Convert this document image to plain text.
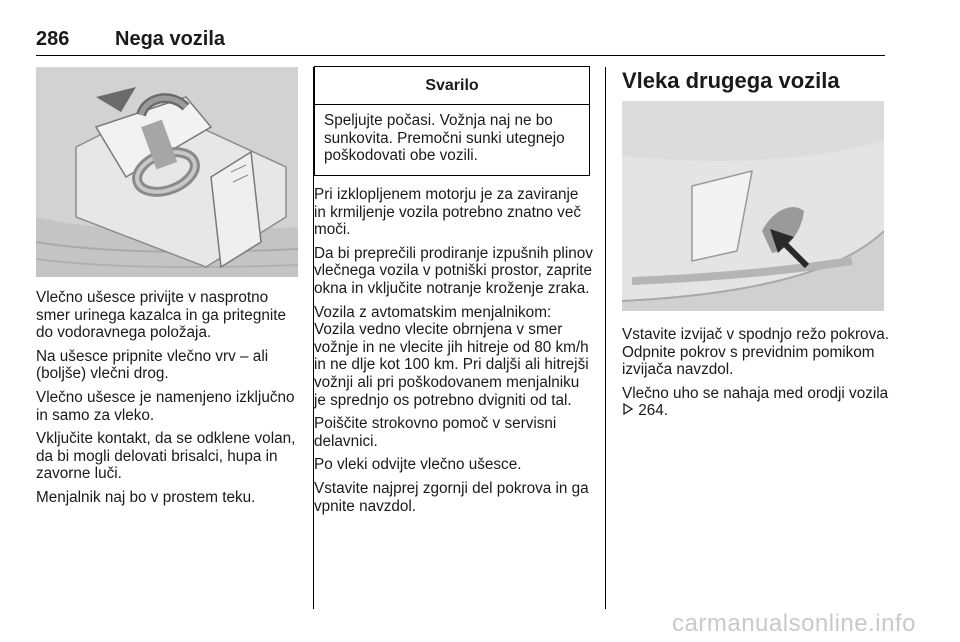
286 Nega vozila

Vlečno ušesce privijte v nasprotno smer urinega kazalca in ga pritegnite do vodoravnega položaja.

Na ušesce pripnite vlečno vrv – ali (boljše) vlečni drog.

Vlečno ušesce je namenjeno izključno in samo za vleko.

Vključite kontakt, da se odklene volan, da bi mogli delovati brisalci, hupa in zavorne luči.

Menjalnik naj bo v prostem teku.

Svarilo
Speljujte počasi. Vožnja naj ne bo sunkovita. Premočni sunki utegnejo poškodovati obe vozili.

Pri izklopljenem motorju je za zaviranje in krmiljenje vozila potrebno znatno več moči.

Da bi preprečili prodiranje izpušnih plinov vlečnega vozila v potniški prostor, zaprite okna in vključite notranje kroženje zraka.

Vozila z avtomatskim menjalnikom: Vozila vedno vlecite obrnjena v smer vožnje in ne vlecite jih hitreje od 80 km/h in ne dlje kot 100 km. Pri daljši ali hitrejši vožnji ali pri poškodovanem menjalniku je sprednjo os potrebno dvigniti od tal.

Poiščite strokovno pomoč v servisni delavnici.

Po vleki odvijte vlečno ušesce.

Vstavite najprej zgornji del pokrova in ga vpnite navzdol.

Vleka drugega vozila

Vstavite izvijač v spodnjo režo pokrova. Odpnite pokrov s previdnim pomikom izvijača navzdol.

Vlečno uho se nahaja med orodji vozila  264.

carmanualsonline.info
